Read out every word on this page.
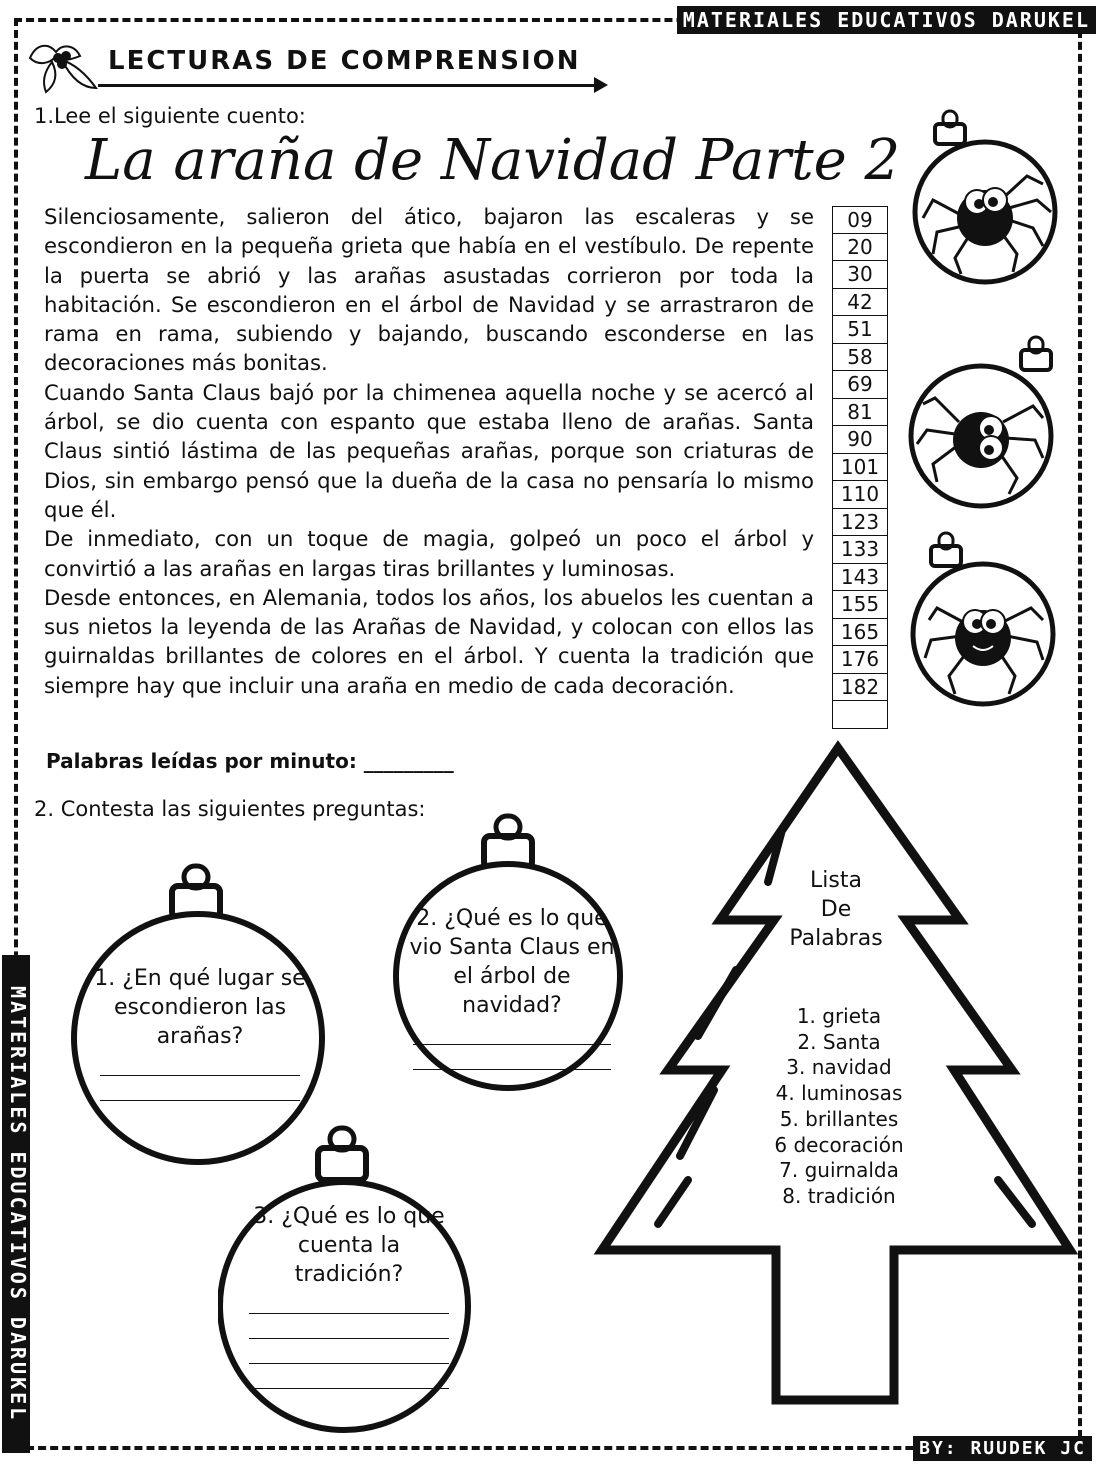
MATERIALES EDUCATIVOS DARUKEL
BY: RUUDEK JC
MATERIALES EDUCATIVOS DARUKEL
LECTURAS DE COMPRENSION
1.Lee el siguiente cuento:
La araña de Navidad Parte 2

Silenciosamente, salieron del ático, bajaron las escaleras y se escondieron en la pequeña grieta que había en el vestíbulo. De repente la puerta se abrió y las arañas asustadas corrieron por toda la habitación. Se escondieron en el árbol de Navidad y se arrastraron de rama en rama, subiendo y bajando, buscando esconderse en las decoraciones más bonitas.

Cuando Santa Claus bajó por la chimenea aquella noche y se acercó al árbol, se dio cuenta con espanto que estaba lleno de arañas. Santa Claus sintió lástima de las pequeñas arañas, porque son criaturas de Dios, sin embargo pensó que la dueña de la casa no pensaría lo mismo que él.

De inmediato, con un toque de magia, golpeó un poco el árbol y convirtió a las arañas en largas tiras brillantes y luminosas.

Desde entonces, en Alemania, todos los años, los abuelos les cuentan a sus nietos la leyenda de las Arañas de Navidad, y colocan con ellos las guirnaldas brillantes de colores en el árbol. Y cuenta la tradición que siempre hay que incluir una araña en medio de cada decoración.

09
20
30
42
51
58
69
81
90
101
110
123
133
143
155
165
176
182
Palabras leídas por minuto: _________
2. Contesta las siguientes preguntas:
1. ¿En qué lugar se escondieron las arañas?
2. ¿Qué es lo que vio Santa Claus en el árbol de navidad?
3. ¿Qué es lo que cuenta la tradición?
Lista
De
Palabras
1. grieta
2. Santa
3. navidad
4. luminosas
5. brillantes
6 decoración
7. guirnalda
8. tradición
